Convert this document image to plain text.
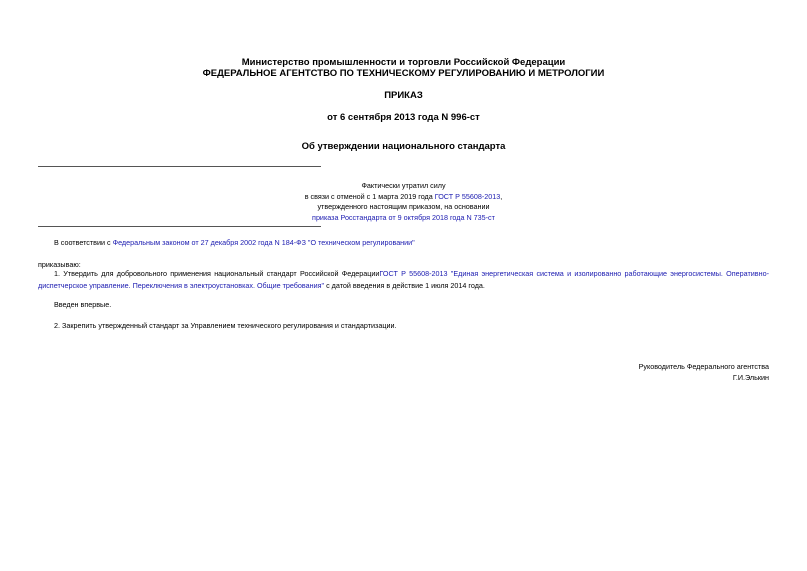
Министерство промышленности и торговли Российской Федерации
ФЕДЕРАЛЬНОЕ АГЕНТСТВО ПО ТЕХНИЧЕСКОМУ РЕГУЛИРОВАНИЮ И МЕТРОЛОГИИ
ПРИКАЗ
от 6 сентября 2013 года N 996-ст
Об утверждении национального стандарта
Фактически утратил силу
в связи с отменой с 1 марта 2019 года ГОСТ Р 55608-2013,
утвержденного настоящим приказом, на основании
приказа Росстандарта от 9 октября 2018 года N 735-ст
В соответствии с Федеральным законом от 27 декабря 2002 года N 184-ФЗ "О техническом регулировании"
приказываю:
1. Утвердить для добровольного применения национальный стандарт Российской ФедерацииГОСТ Р 55608-2013 "Единая энергетическая система и изолированно работающие энергосистемы. Оперативно-диспетчерское управление. Переключения в электроустановках. Общие требования" с датой введения в действие 1 июля 2014 года.
Введен впервые.
2. Закрепить утвержденный стандарт за Управлением технического регулирования и стандартизации.
Руководитель Федерального агентства
Г.И.Элькин
